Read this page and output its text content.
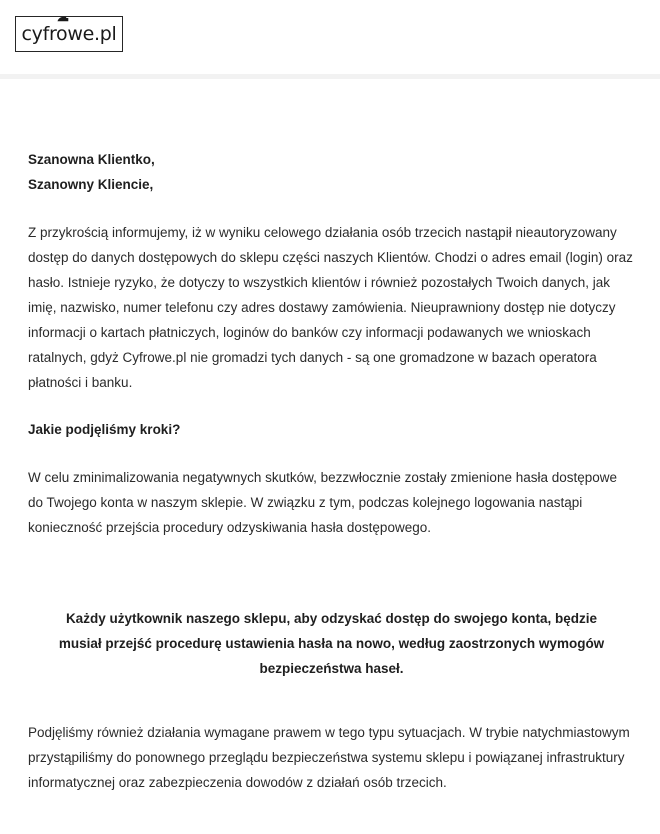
cyfrowe.pl
Szanowna Klientko,
Szanowny Kliencie,

Z przykrością informujemy, iż w wyniku celowego działania osób trzecich nastąpił nieautoryzowany dostęp do danych dostępowych do sklepu części naszych Klientów. Chodzi o adres email (login) oraz hasło. Istnieje ryzyko, że dotyczy to wszystkich klientów i również pozostałych Twoich danych, jak imię, nazwisko, numer telefonu czy adres dostawy zamówienia. Nieuprawniony dostęp nie dotyczy informacji o kartach płatniczych, loginów do banków czy informacji podawanych we wnioskach ratalnych, gdyż Cyfrowe.pl nie gromadzi tych danych - są one gromadzone w bazach operatora płatności i banku.

Jakie podjęliśmy kroki?

W celu zminimalizowania negatywnych skutków, bezzwłocznie zostały zmienione hasła dostępowe do Twojego konta w naszym sklepie. W związku z tym, podczas kolejnego logowania nastąpi konieczność przejścia procedury odzyskiwania hasła dostępowego.

Każdy użytkownik naszego sklepu, aby odzyskać dostęp do swojego konta, będzie musiał przejść procedurę ustawienia hasła na nowo, według zaostrzonych wymogów bezpieczeństwa haseł.

Podjęliśmy również działania wymagane prawem w tego typu sytuacjach. W trybie natychmiastowym przystąpiliśmy do ponownego przeglądu bezpieczeństwa systemu sklepu i powiązanej infrastruktury informatycznej oraz zabezpieczenia dowodów z działań osób trzecich.
